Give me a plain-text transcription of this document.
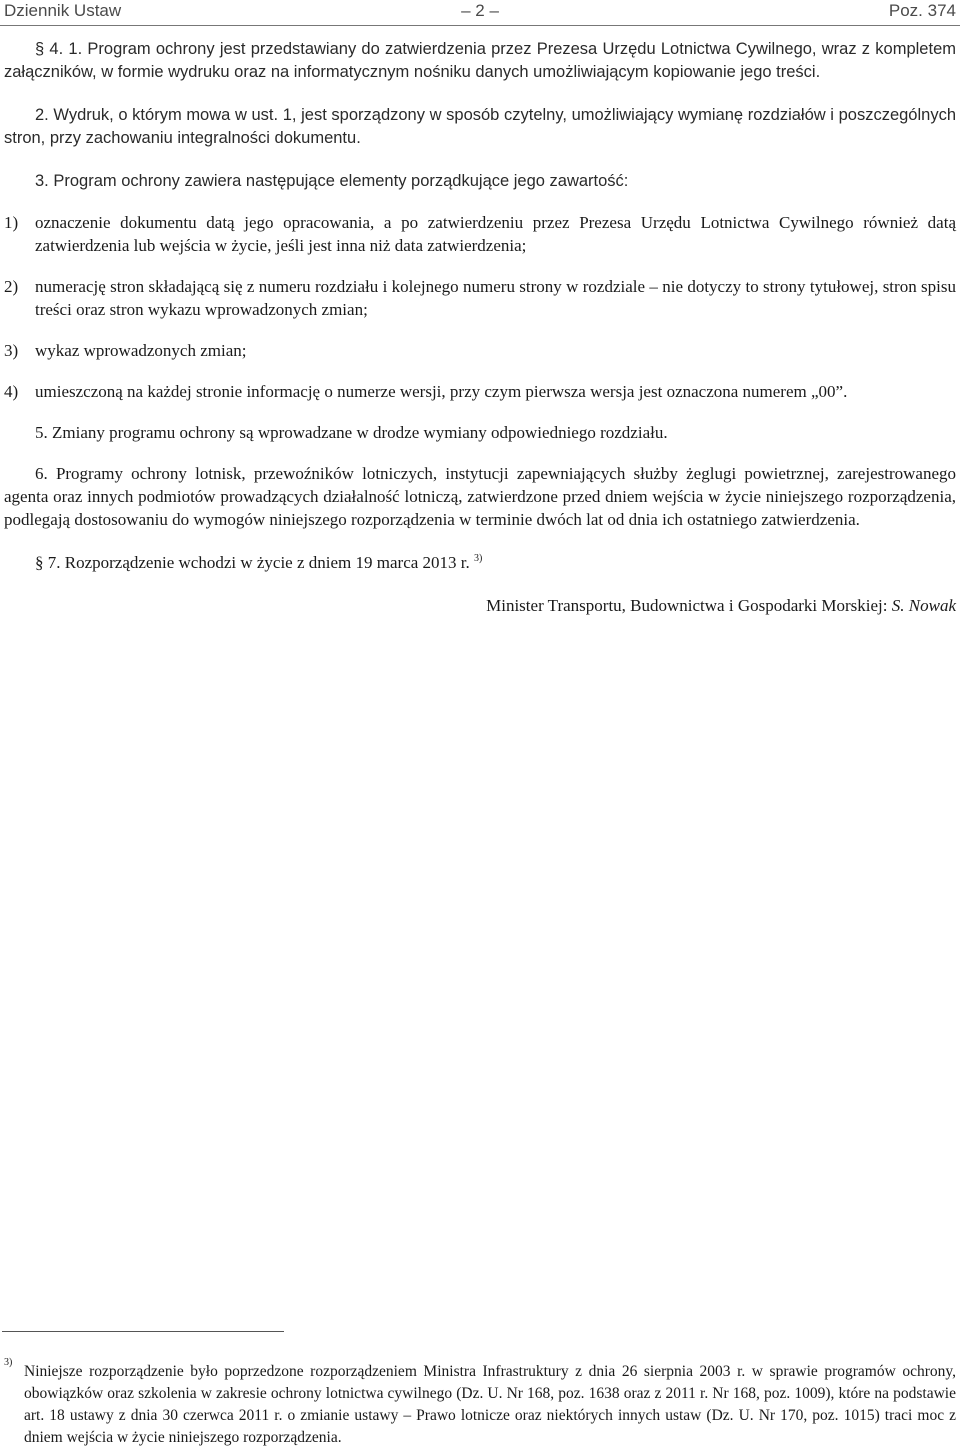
Dziennik Ustaw	– 2 –	Poz. 374

§ 4. 1. Program ochrony jest przedstawiany do zatwierdzenia przez Prezesa Urzędu Lotnictwa Cywilnego, wraz z kompletem załączników, w formie wydruku oraz na informatycznym nośniku danych umożliwiającym kopiowanie jego treści.

2. Wydruk, o którym mowa w ust. 1, jest sporządzony w sposób czytelny, umożliwiający wymianę rozdziałów i poszczególnych stron, przy zachowaniu integralności dokumentu.

3. Program ochrony zawiera następujące elementy porządkujące jego zawartość:

1) oznaczenie dokumentu datą jego opracowania, a po zatwierdzeniu przez Prezesa Urzędu Lotnictwa Cywilnego również datą zatwierdzenia lub wejścia w życie, jeśli jest inna niż data zatwierdzenia;
2) numerację stron składającą się z numeru rozdziału i kolejnego numeru strony w rozdziale – nie dotyczy to strony tytułowej, stron spisu treści oraz stron wykazu wprowadzonych zmian;
3) wykaz wprowadzonych zmian;
4) umieszczoną na każdej stronie informację o numerze wersji, przy czym pierwsza wersja jest oznaczona numerem „00”.

5. Zmiany programu ochrony są wprowadzane w drodze wymiany odpowiedniego rozdziału.

6. Programy ochrony lotnisk, przewoźników lotniczych, instytucji zapewniających służby żeglugi powietrznej, zarejestrowanego agenta oraz innych podmiotów prowadzących działalność lotniczą, zatwierdzone przed dniem wejścia w życie niniejszego rozporządzenia, podlegają dostosowaniu do wymogów niniejszego rozporządzenia w terminie dwóch lat od dnia ich ostatniego zatwierdzenia.

§ 7. Rozporządzenie wchodzi w życie z dniem 19 marca 2013 r. $^{3)}$

Minister Transportu, Budownictwa i Gospodarki Morskiej: S. Nowak

3)

Niniejsze rozporządzenie było poprzedzone rozporządzeniem Ministra Infrastruktury z dnia 26 sierpnia 2003 r. w sprawie programów ochrony, obowiązków oraz szkolenia w zakresie ochrony lotnictwa cywilnego (Dz. U. Nr 168, poz. 1638 oraz z 2011 r. Nr 168, poz. 1009), które na podstawie art. 18 ustawy z dnia 30 czerwca 2011 r. o zmianie ustawy – Prawo lotnicze oraz niektórych innych ustaw (Dz. U. Nr 170, poz. 1015) traci moc z dniem wejścia w życie niniejszego rozporządzenia.
